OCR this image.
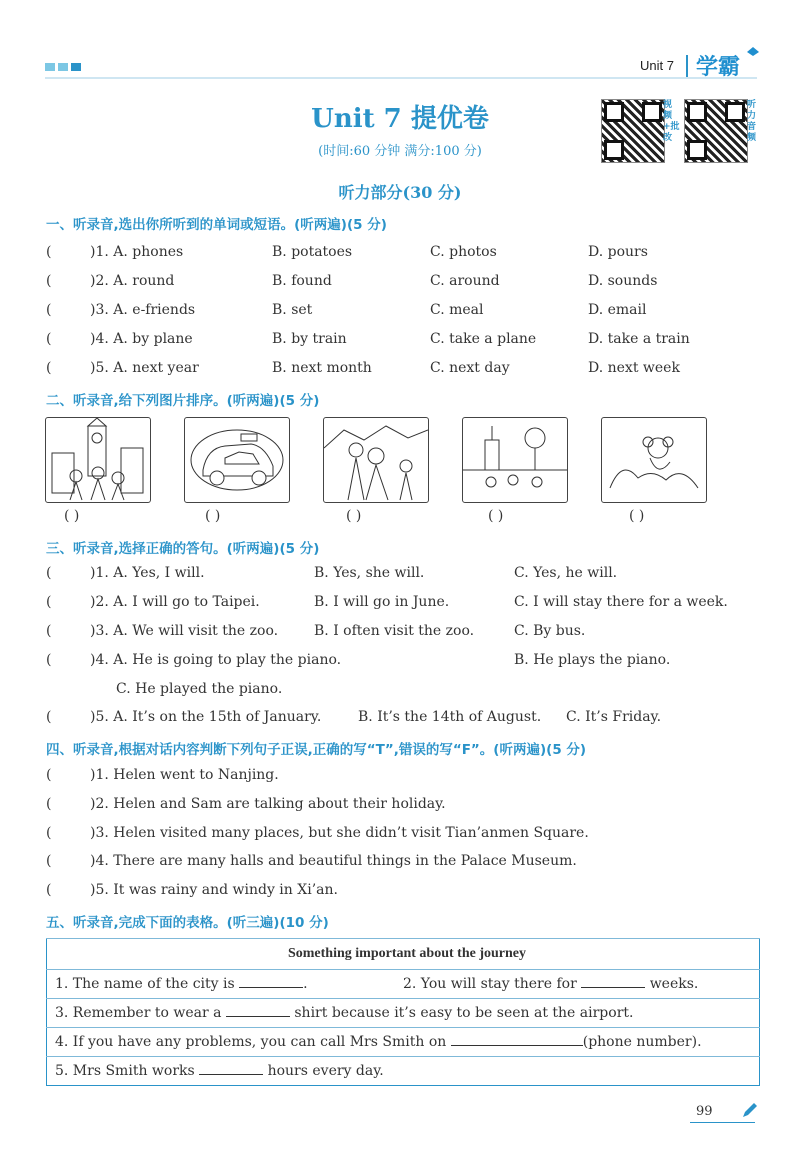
Unit 7 学霸
Unit 7 提优卷
(时间:60 分钟 满分:100 分)
视频+批改
听力音频
听力部分(30 分)
一、听录音,选出你所听到的单词或短语。(听两遍)(5 分)
(	)1. A. phones	B. potatoes	C. photos	D. pours
(	)2. A. round	B. found	C. around	D. sounds
(	)3. A. e-friends	B. set	C. meal	D. email
(	)4. A. by plane	B. by train	C. take a plane	D. take a train
(	)5. A. next year	B. next month	C. next day	D. next week
二、听录音,给下列图片排序。(听两遍)(5 分)
( )	( )	( )	( )	( )
三、听录音,选择正确的答句。(听两遍)(5 分)
(	)1. A. Yes, I will.	B. Yes, she will.	C. Yes, he will.
(	)2. A. I will go to Taipei.	B. I will go in June.	C. I will stay there for a week.
(	)3. A. We will visit the zoo.	B. I often visit the zoo.	C. By bus.
(	)4. A. He is going to play the piano.	B. He plays the piano.
C. He played the piano.
(	)5. A. It’s on the 15th of January.	B. It’s the 14th of August. C. It’s Friday.
四、听录音,根据对话内容判断下列句子正误,正确的写“T”,错误的写“F”。(听两遍)(5 分)
(	)1. Helen went to Nanjing.
(	)2. Helen and Sam are talking about their holiday.
(	)3. Helen visited many places, but she didn’t visit Tian’anmen Square.
(	)4. There are many halls and beautiful things in the Palace Museum.
(	)5. It was rainy and windy in Xi’an.
五、听录音,完成下面的表格。(听三遍)(10 分)
Something important about the journey
1. The name of the city is	.	2. You will stay there for	weeks.
3. Remember to wear a	shirt because it’s easy to be seen at the airport.
4. If you have any problems, you can call Mrs Smith on	(phone number).
5. Mrs Smith works	hours every day.
99
